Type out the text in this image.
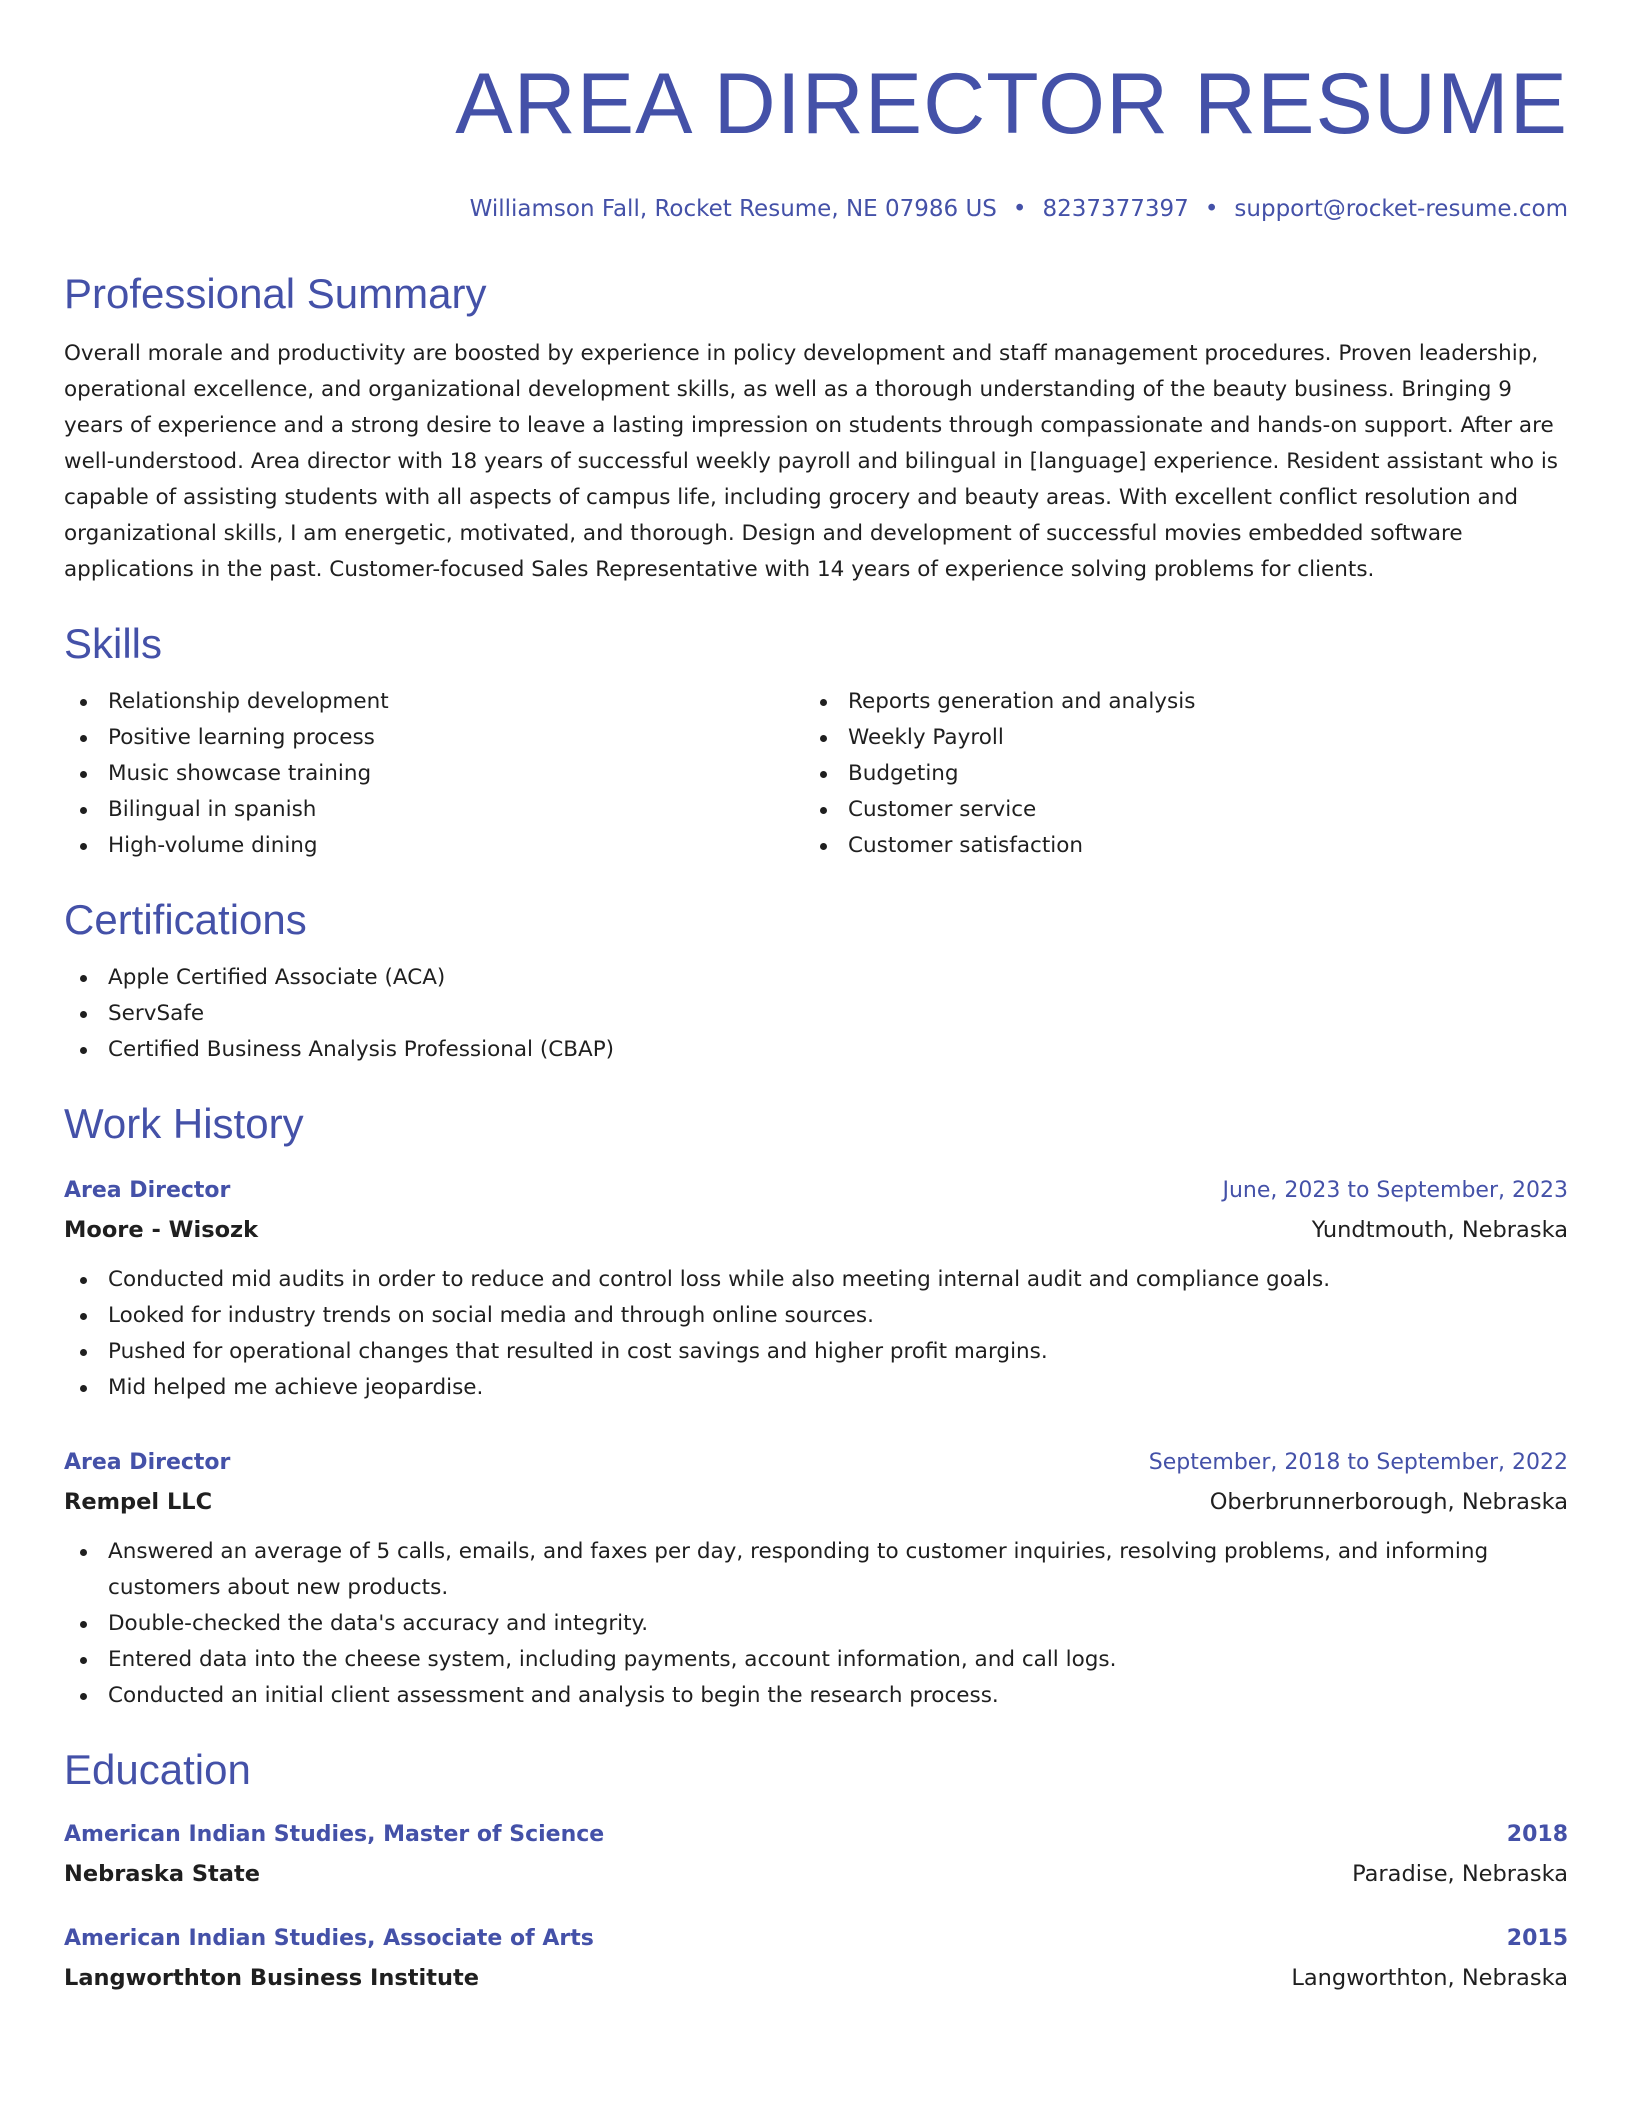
AREA DIRECTOR RESUME
Williamson Fall, Rocket Resume, NE 07986 US • 8237377397 • support@rocket-resume.com
Professional Summary

Overall morale and productivity are boosted by experience in policy development and staff management procedures. Proven leadership, operational excellence, and organizational development skills, as well as a thorough understanding of the beauty business. Bringing 9 years of experience and a strong desire to leave a lasting impression on students through compassionate and hands-on support. After are well-understood. Area director with 18 years of successful weekly payroll and bilingual in [language] experience. Resident assistant who is capable of assisting students with all aspects of campus life, including grocery and beauty areas. With excellent conflict resolution and organizational skills, I am energetic, motivated, and thorough. Design and development of successful movies embedded software applications in the past. Customer-focused Sales Representative with 14 years of experience solving problems for clients.

Skills
Relationship development
Positive learning process
Music showcase training
Bilingual in spanish
High-volume dining
Reports generation and analysis
Weekly Payroll
Budgeting
Customer service
Customer satisfaction
Certifications
Apple Certified Associate (ACA)
ServSafe
Certified Business Analysis Professional (CBAP)
Work History
Area Director	June, 2023 to September, 2023
Moore - Wisozk	Yundtmouth, Nebraska
Conducted mid audits in order to reduce and control loss while also meeting internal audit and compliance goals.
Looked for industry trends on social media and through online sources.
Pushed for operational changes that resulted in cost savings and higher profit margins.
Mid helped me achieve jeopardise.
Area Director	September, 2018 to September, 2022
Rempel LLC	Oberbrunnerborough, Nebraska
Answered an average of 5 calls, emails, and faxes per day, responding to customer inquiries, resolving problems, and informing customers about new products.
Double-checked the data's accuracy and integrity.
Entered data into the cheese system, including payments, account information, and call logs.
Conducted an initial client assessment and analysis to begin the research process.
Education
American Indian Studies, Master of Science	2018
Nebraska State	Paradise, Nebraska
American Indian Studies, Associate of Arts	2015
Langworthton Business Institute	Langworthton, Nebraska
